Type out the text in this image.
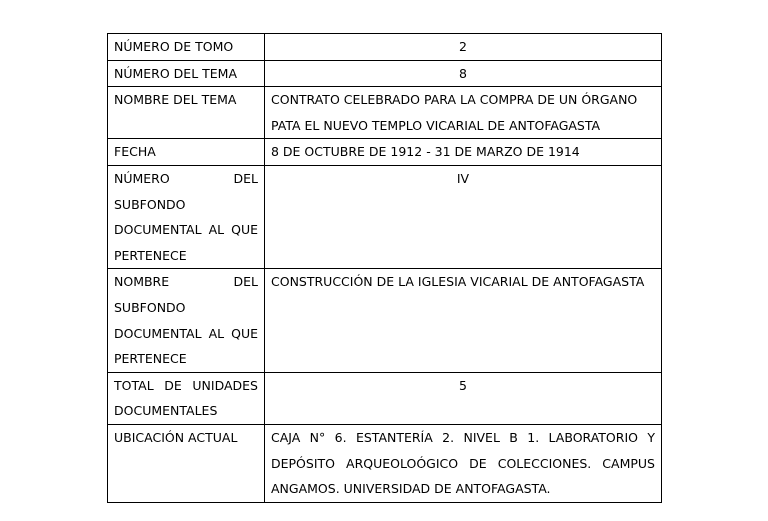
NÚMERO DE TOMO	2
NÚMERO DEL TEMA	8
NOMBRE DEL TEMA	CONTRATO CELEBRADO PARA LA COMPRA DE UN ÓRGANO PATA EL NUEVO TEMPLO VICARIAL DE ANTOFAGASTA
FECHA	8 DE OCTUBRE DE 1912 - 31 DE MARZO DE 1914
NÚMERO DEL SUBFONDO DOCUMENTAL AL QUE PERTENECE	IV
NOMBRE DEL SUBFONDO DOCUMENTAL AL QUE PERTENECE	CONSTRUCCIÓN DE LA IGLESIA VICARIAL DE ANTOFAGASTA
TOTAL DE UNIDADES DOCUMENTALES	5
UBICACIÓN ACTUAL	CAJA N° 6. ESTANTERÍA 2. NIVEL B 1. LABORATORIO Y DEPÓSITO ARQUEOLOÓGICO DE COLECCIONES. CAMPUS ANGAMOS. UNIVERSIDAD DE ANTOFAGASTA.
